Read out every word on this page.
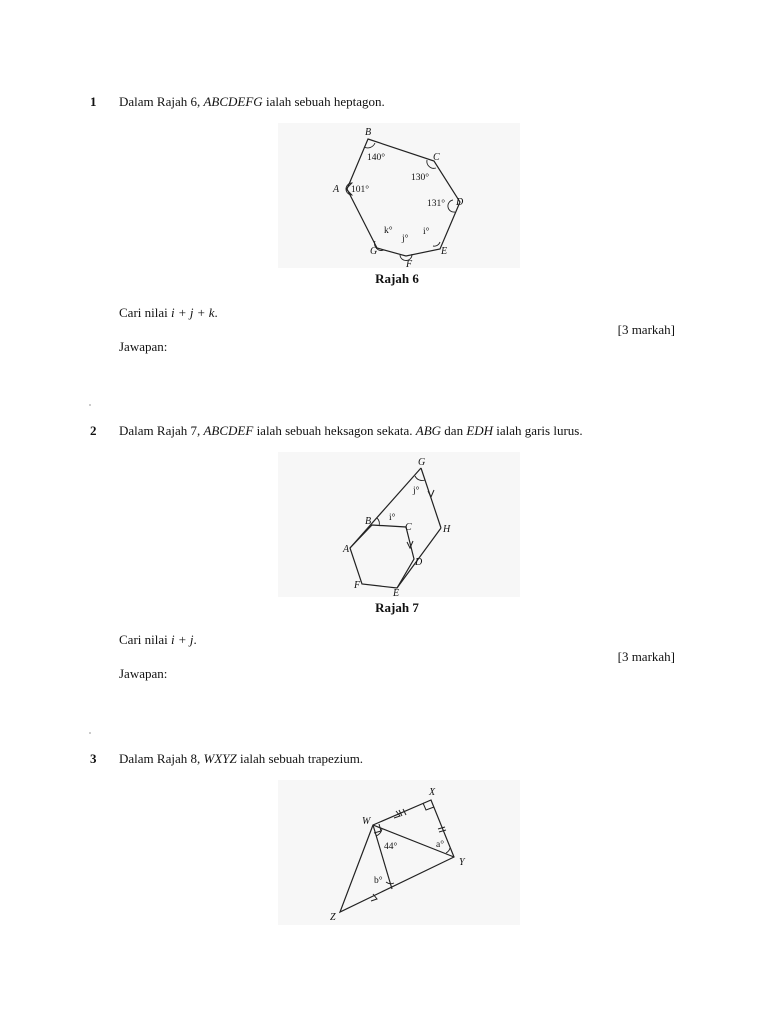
1 Dalam Rajah 6, ABCDEFG ialah sebuah heptagon.
B
C
A
D
E
F
G
140°
130°
101°
131°
k°
j°
i°
Rajah 6
Cari nilai i + j + k.
[3 markah]
Jawapan:
2 Dalam Rajah 7, ABCDEF ialah sebuah heksagon sekata. ABG dan EDH ialah garis lurus.
G
H
B
C
A
D
F
E
j°
i°
Rajah 7
Cari nilai i + j.
[3 markah]
Jawapan:
3 Dalam Rajah 8, WXYZ ialah sebuah trapezium.
W
X
Y
Z
44°	a°
b°
